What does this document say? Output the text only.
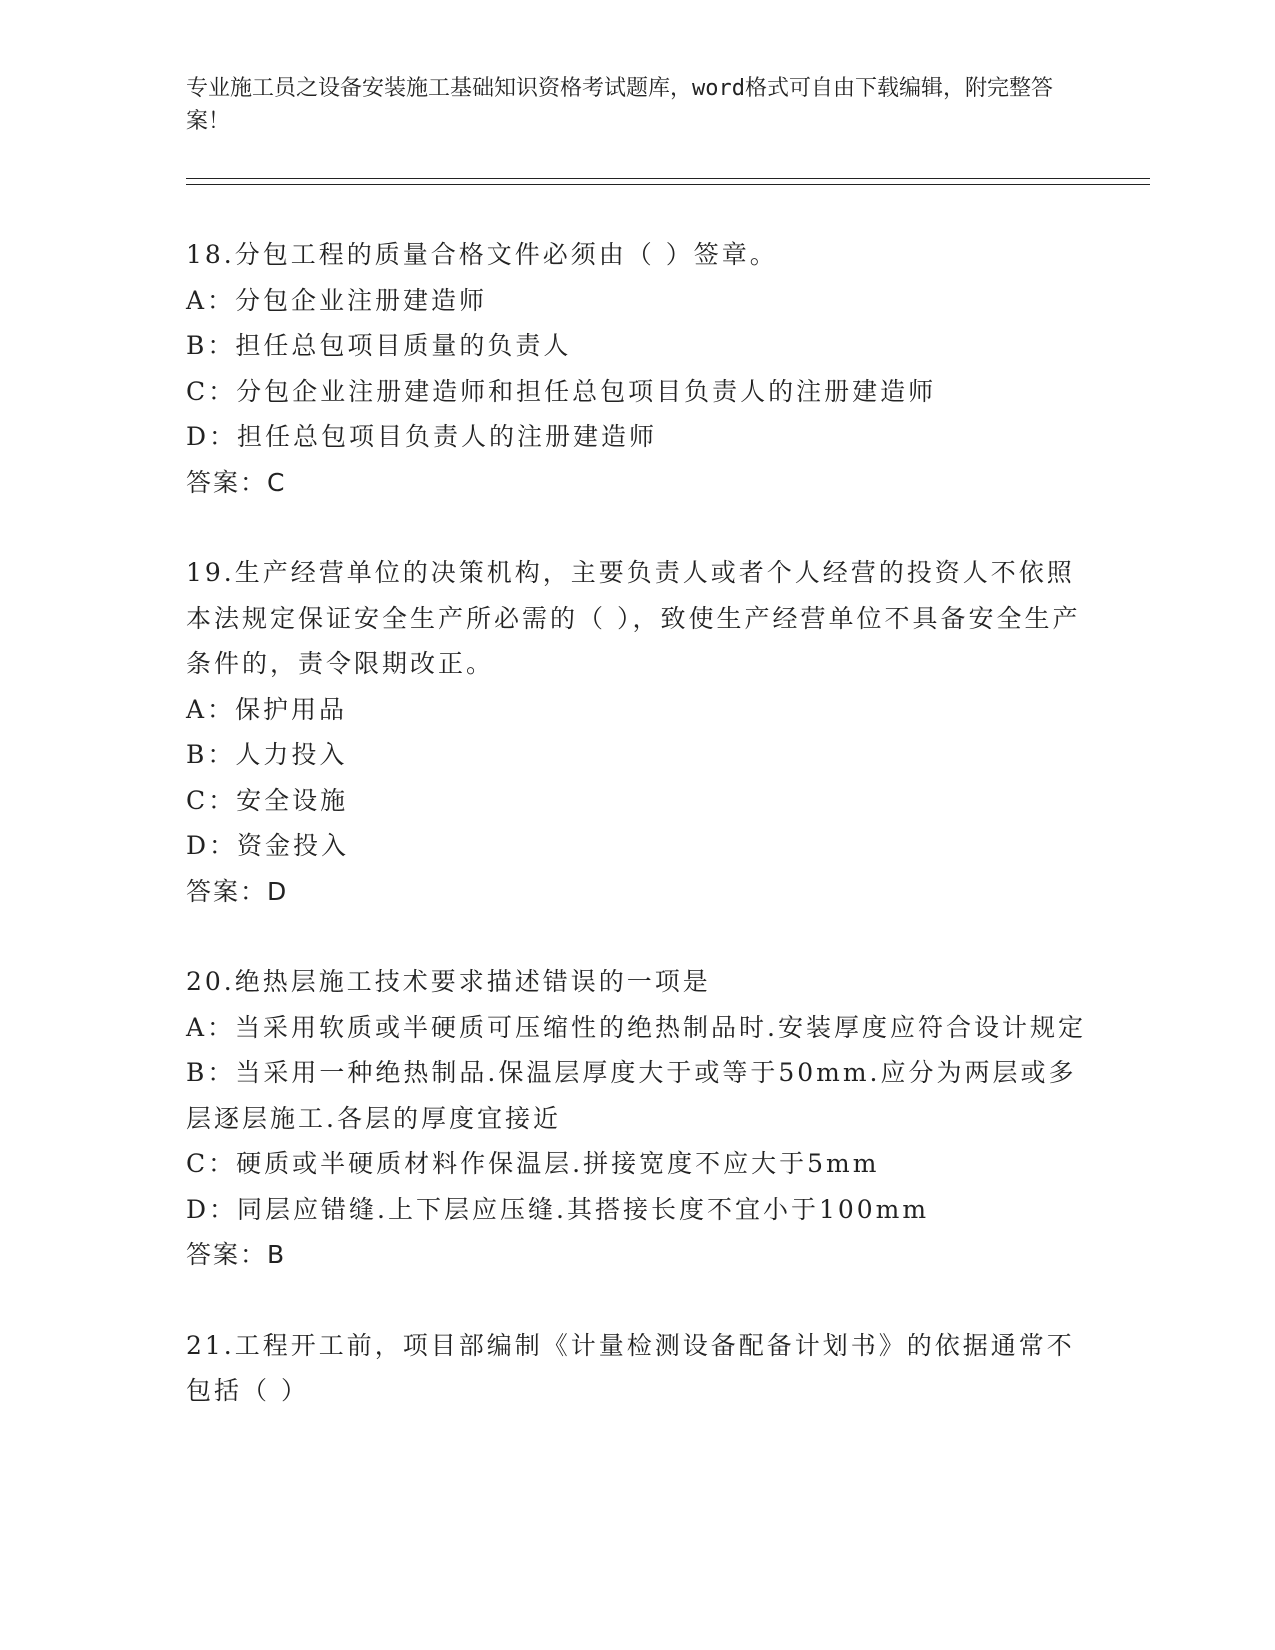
专业施工员之设备安装施工基础知识资格考试题库，word格式可自由下载编辑，附完整答案！
18.分包工程的质量合格文件必须由（ ）签章。
A：分包企业注册建造师
B：担任总包项目质量的负责人
C：分包企业注册建造师和担任总包项目负责人的注册建造师
D：担任总包项目负责人的注册建造师
答案：C
19.生产经营单位的决策机构，主要负责人或者个人经营的投资人不依照本法规定保证安全生产所必需的（ ），致使生产经营单位不具备安全生产条件的，责令限期改正。
A：保护用品
B：人力投入
C：安全设施
D：资金投入
答案：D
20.绝热层施工技术要求描述错误的一项是
A：当采用软质或半硬质可压缩性的绝热制品时.安装厚度应符合设计规定
B：当采用一种绝热制品.保温层厚度大于或等于50mm.应分为两层或多层逐层施工.各层的厚度宜接近
C：硬质或半硬质材料作保温层.拼接宽度不应大于5mm
D：同层应错缝.上下层应压缝.其搭接长度不宜小于100mm
答案：B
21.工程开工前，项目部编制《计量检测设备配备计划书》的依据通常不包括（ ）
